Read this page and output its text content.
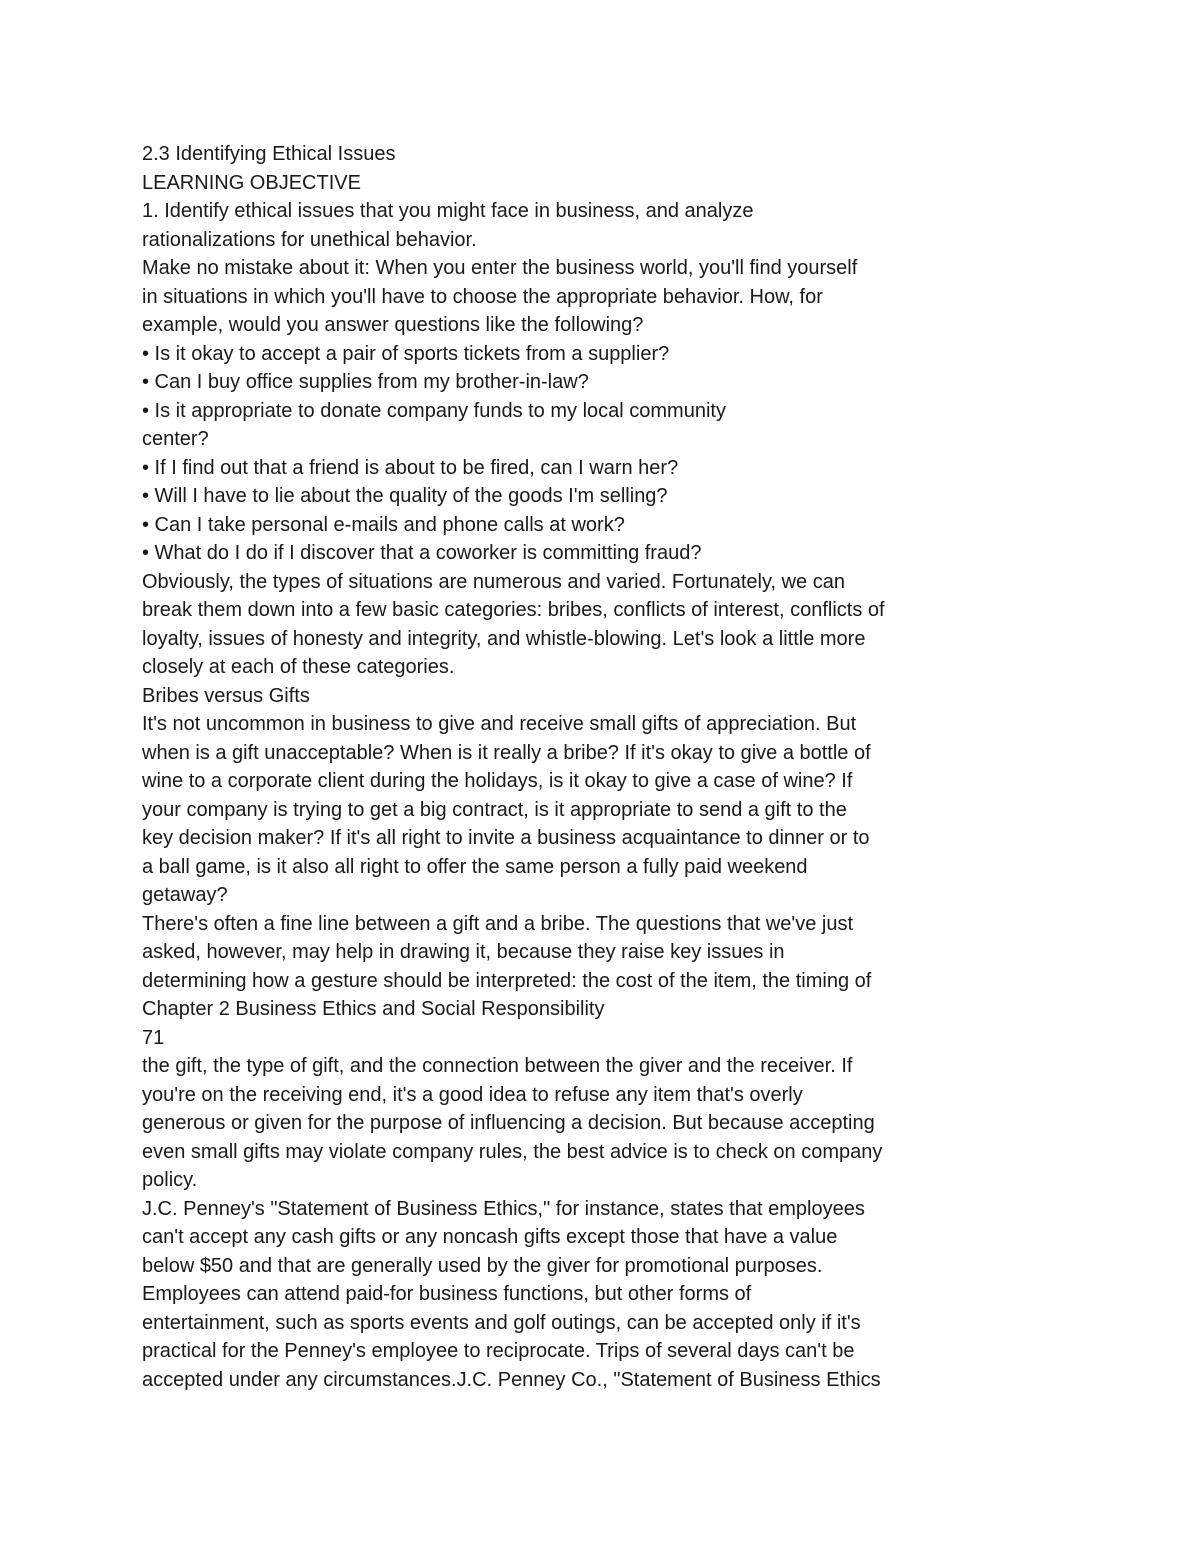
2.3 Identifying Ethical Issues
LEARNING OBJECTIVE
1. Identify ethical issues that you might face in business, and analyze
rationalizations for unethical behavior.
Make no mistake about it: When you enter the business world, you'll find yourself
in situations in which you'll have to choose the appropriate behavior. How, for
example, would you answer questions like the following?
• Is it okay to accept a pair of sports tickets from a supplier?
• Can I buy office supplies from my brother-in-law?
• Is it appropriate to donate company funds to my local community
center?
• If I find out that a friend is about to be fired, can I warn her?
• Will I have to lie about the quality of the goods I'm selling?
• Can I take personal e-mails and phone calls at work?
• What do I do if I discover that a coworker is committing fraud?
Obviously, the types of situations are numerous and varied. Fortunately, we can
break them down into a few basic categories: bribes, conflicts of interest, conflicts of
loyalty, issues of honesty and integrity, and whistle-blowing. Let's look a little more
closely at each of these categories.
Bribes versus Gifts
It's not uncommon in business to give and receive small gifts of appreciation. But
when is a gift unacceptable? When is it really a bribe? If it's okay to give a bottle of
wine to a corporate client during the holidays, is it okay to give a case of wine? If
your company is trying to get a big contract, is it appropriate to send a gift to the
key decision maker? If it's all right to invite a business acquaintance to dinner or to
a ball game, is it also all right to offer the same person a fully paid weekend
getaway?
There's often a fine line between a gift and a bribe. The questions that we've just
asked, however, may help in drawing it, because they raise key issues in
determining how a gesture should be interpreted: the cost of the item, the timing of
Chapter 2 Business Ethics and Social Responsibility
71
the gift, the type of gift, and the connection between the giver and the receiver. If
you're on the receiving end, it's a good idea to refuse any item that's overly
generous or given for the purpose of influencing a decision. But because accepting
even small gifts may violate company rules, the best advice is to check on company
policy.
J.C. Penney's "Statement of Business Ethics," for instance, states that employees
can't accept any cash gifts or any noncash gifts except those that have a value
below $50 and that are generally used by the giver for promotional purposes.
Employees can attend paid-for business functions, but other forms of
entertainment, such as sports events and golf outings, can be accepted only if it's
practical for the Penney's employee to reciprocate. Trips of several days can't be
accepted under any circumstances.J.C. Penney Co., "Statement of Business Ethics
